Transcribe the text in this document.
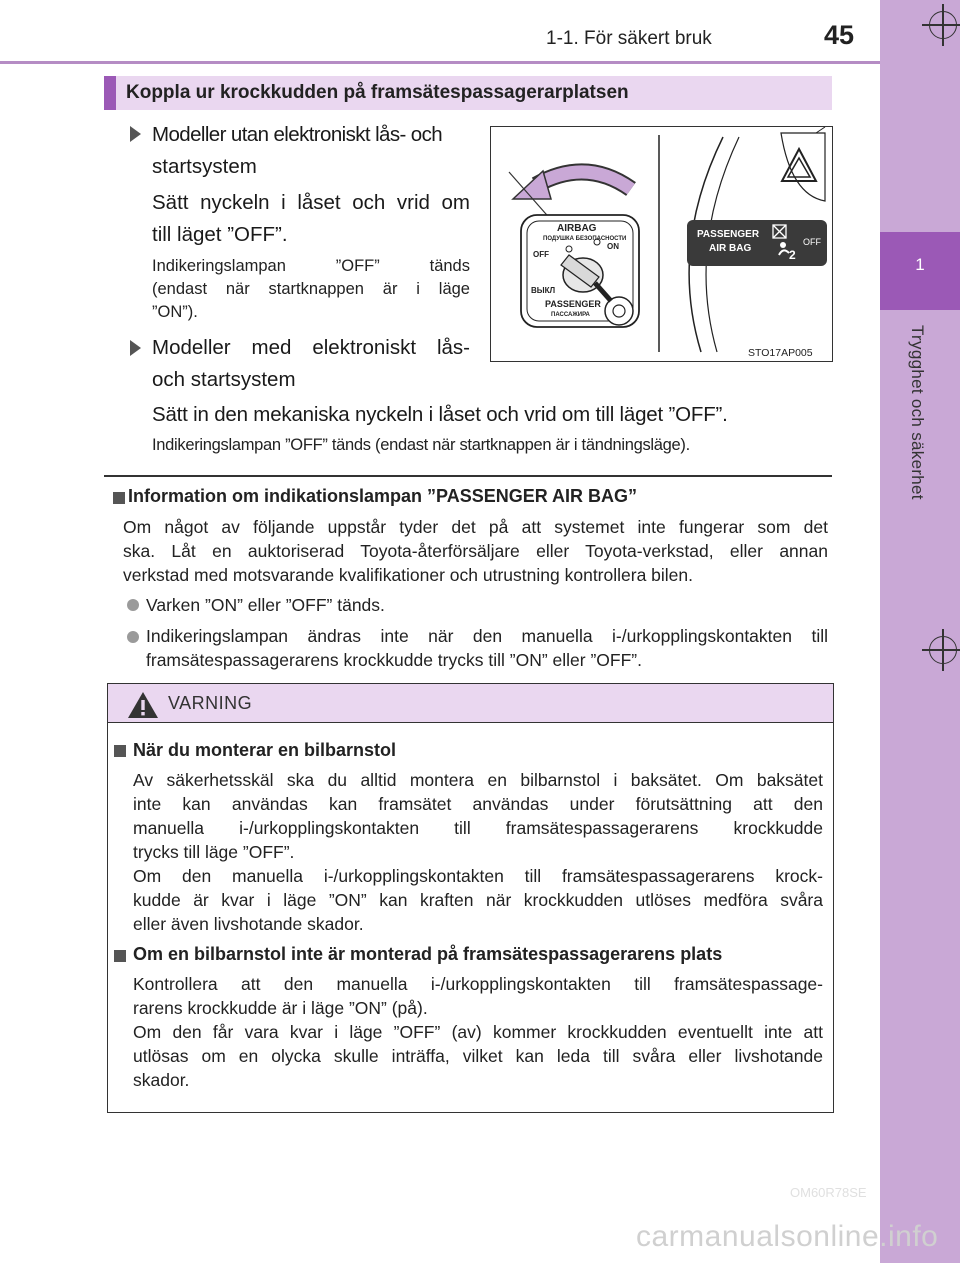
1
Trygghet och säkerhet
1-1. För säkert bruk	45
Koppla ur krockkudden på framsätespassagerarplatsen
Modeller utan elektroniskt lås- och
startsystem
Sätt nyckeln i låset och vrid om
till läget ”OFF”.
Indikeringslampan ”OFF” tänds
(endast när startknappen är i läge
”ON”).
Modeller med elektroniskt lås-
och startsystem
Sätt in den mekaniska nyckeln i låset och vrid om till läget ”OFF”.
Indikeringslampan ”OFF” tänds (endast när startknappen är i tändningsläge).
AIRBAG
ПОДУШКА БЕЗОПАСНОСТИ
OFF
ON
ВЫКЛ
PASSENGER
ПАССАЖИРА
PASSENGER
AIR BAG
OFF
2
STO17AP005
Information om indikationslampan ”PASSENGER AIR BAG”
Om något av följande uppstår tyder det på att systemet inte fungerar som det
ska. Låt en auktoriserad Toyota-återförsäljare eller Toyota-verkstad, eller annan
verkstad med motsvarande kvalifikationer och utrustning kontrollera bilen.
Varken ”ON” eller ”OFF” tänds.
Indikeringslampan ändras inte när den manuella i-/urkopplingskontakten till
framsätespassagerarens krockkudde trycks till ”ON” eller ”OFF”.
VARNING
När du monterar en bilbarnstol
Av säkerhetsskäl ska du alltid montera en bilbarnstol i baksätet. Om baksätet
inte kan användas kan framsätet användas under förutsättning att den
manuella i-/urkopplingskontakten till framsätespassagerarens krockkudde
trycks till läge ”OFF”.
Om den manuella i-/urkopplingskontakten till framsätespassagerarens krock-
kudde är kvar i läge ”ON” kan kraften när krockkudden utlöses medföra svåra
eller även livshotande skador.
Om en bilbarnstol inte är monterad på framsätespassagerarens plats
Kontrollera att den manuella i-/urkopplingskontakten till framsätespassage-
rarens krockkudde är i läge ”ON” (på).
Om den får vara kvar i läge ”OFF” (av) kommer krockkudden eventuellt inte att
utlösas om en olycka skulle inträffa, vilket kan leda till svåra eller livshotande
skador.
OM60R78SE
carmanualsonline.info
